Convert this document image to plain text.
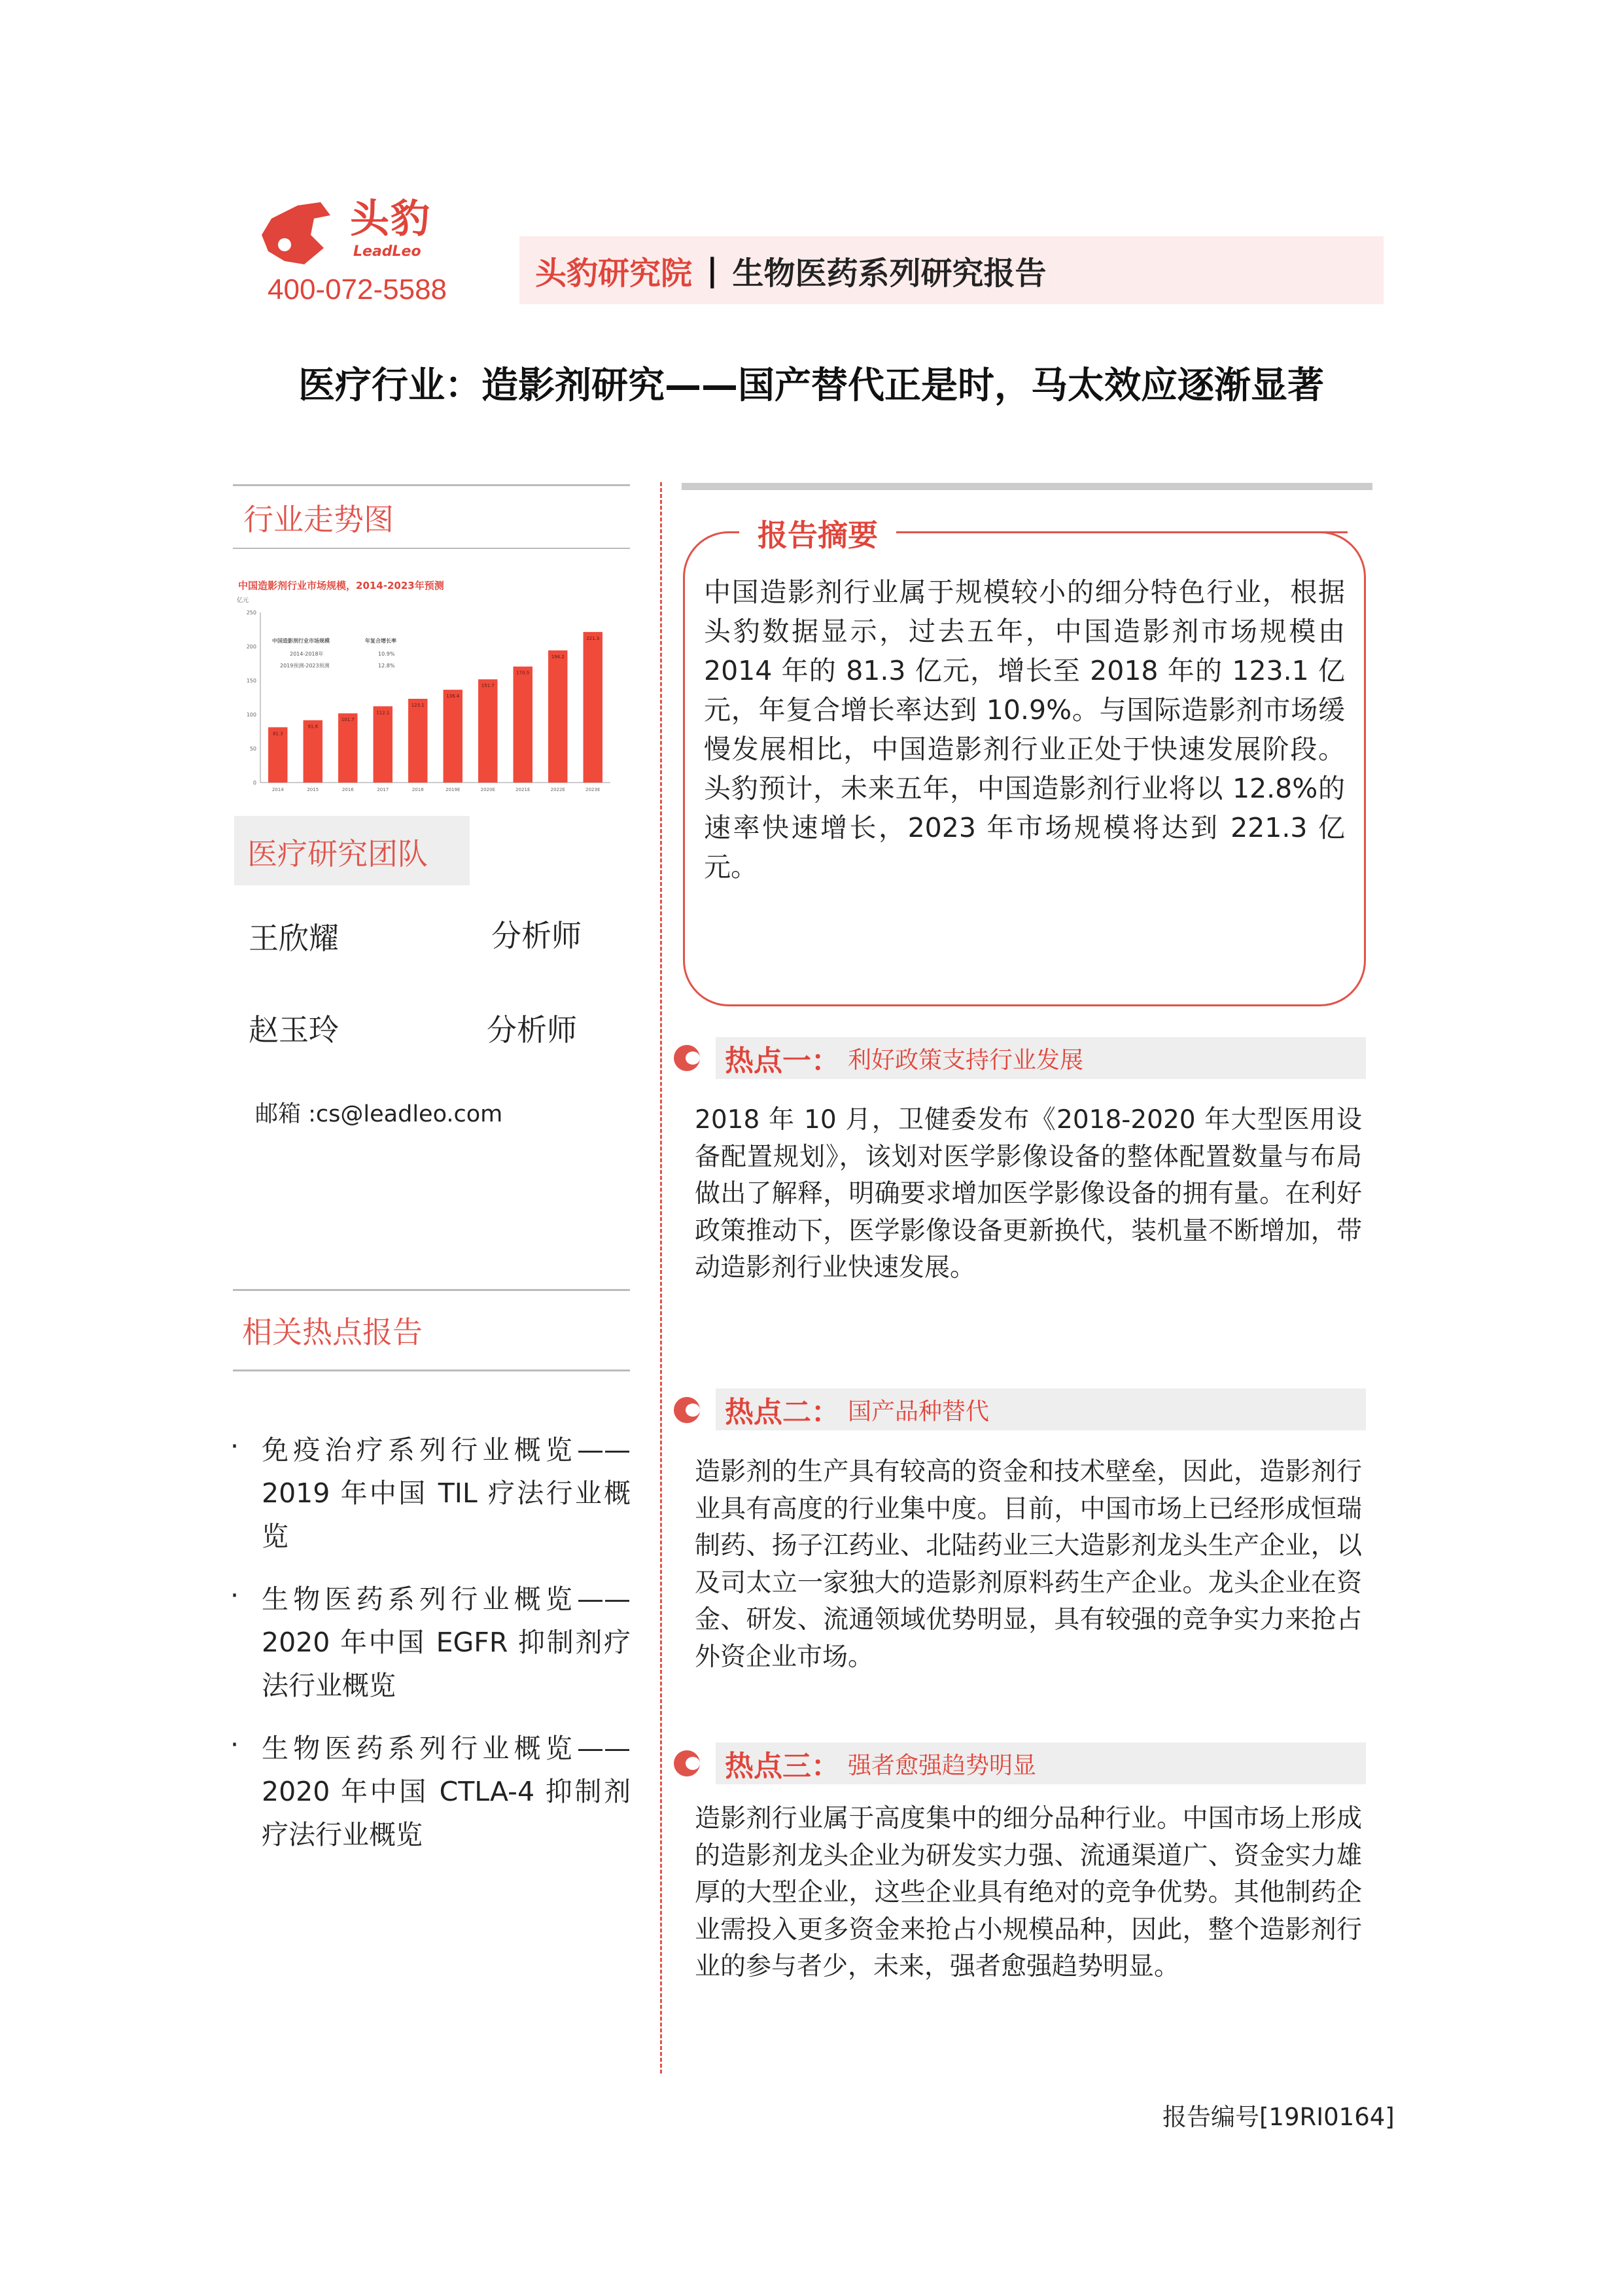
头豹
LeadLeo
400-072-5588	头豹研究院 | 生物医药系列研究报告
医疗行业：造影剂研究——国产替代正是时，马太效应逐渐显著
行业走势图
中国造影剂行业市场规模，2014-2023年预测
亿元
0
50
100
150
200
250
81.3
2014
91.6
2015
101.7
2016
112.1
2017
123.1
2018
136.4
2019E
151.7
2020E
170.5
2021E
194.2
2022E
221.3
2023E
中国造影剂行业市场规模	年复合增长率
2014-2018年	10.9%
2019预测-2023预测	12.8%
医疗研究团队
王欣耀	分析师
赵玉玲	分析师
邮箱 :cs@leadleo.com
相关热点报告
· 免疫治疗系列行业概览——2019 年中国 TIL 疗法行业概览
· 生物医药系列行业概览——2020 年中国 EGFR 抑制剂疗法行业概览
· 生物医药系列行业概览——2020 年中国 CTLA-4 抑制剂疗法行业概览
报告摘要
中国造影剂行业属于规模较小的细分特色行业，根据头豹数据显示，过去五年，中国造影剂市场规模由 2014 年的 81.3 亿元，增长至 2018 年的 123.1 亿元，年复合增长率达到 10.9%。与国际造影剂市场缓慢发展相比，中国造影剂行业正处于快速发展阶段。头豹预计，未来五年，中国造影剂行业将以 12.8%的速率快速增长，2023 年市场规模将达到 221.3 亿元。
热点一： 利好政策支持行业发展
2018 年 10 月，卫健委发布《2018-2020 年大型医用设备配置规划》，该划对医学影像设备的整体配置数量与布局做出了解释，明确要求增加医学影像设备的拥有量。在利好政策推动下，医学影像设备更新换代，装机量不断增加，带动造影剂行业快速发展。
热点二： 国产品种替代
造影剂的生产具有较高的资金和技术壁垒，因此，造影剂行业具有高度的行业集中度。目前，中国市场上已经形成恒瑞制药、扬子江药业、北陆药业三大造影剂龙头生产企业，以及司太立一家独大的造影剂原料药生产企业。龙头企业在资金、研发、流通领域优势明显，具有较强的竞争实力来抢占外资企业市场。
热点三： 强者愈强趋势明显
造影剂行业属于高度集中的细分品种行业。中国市场上形成的造影剂龙头企业为研发实力强、流通渠道广、资金实力雄厚的大型企业，这些企业具有绝对的竞争优势。其他制药企业需投入更多资金来抢占小规模品种，因此，整个造影剂行业的参与者少，未来，强者愈强趋势明显。
报告编号[19RI0164]
